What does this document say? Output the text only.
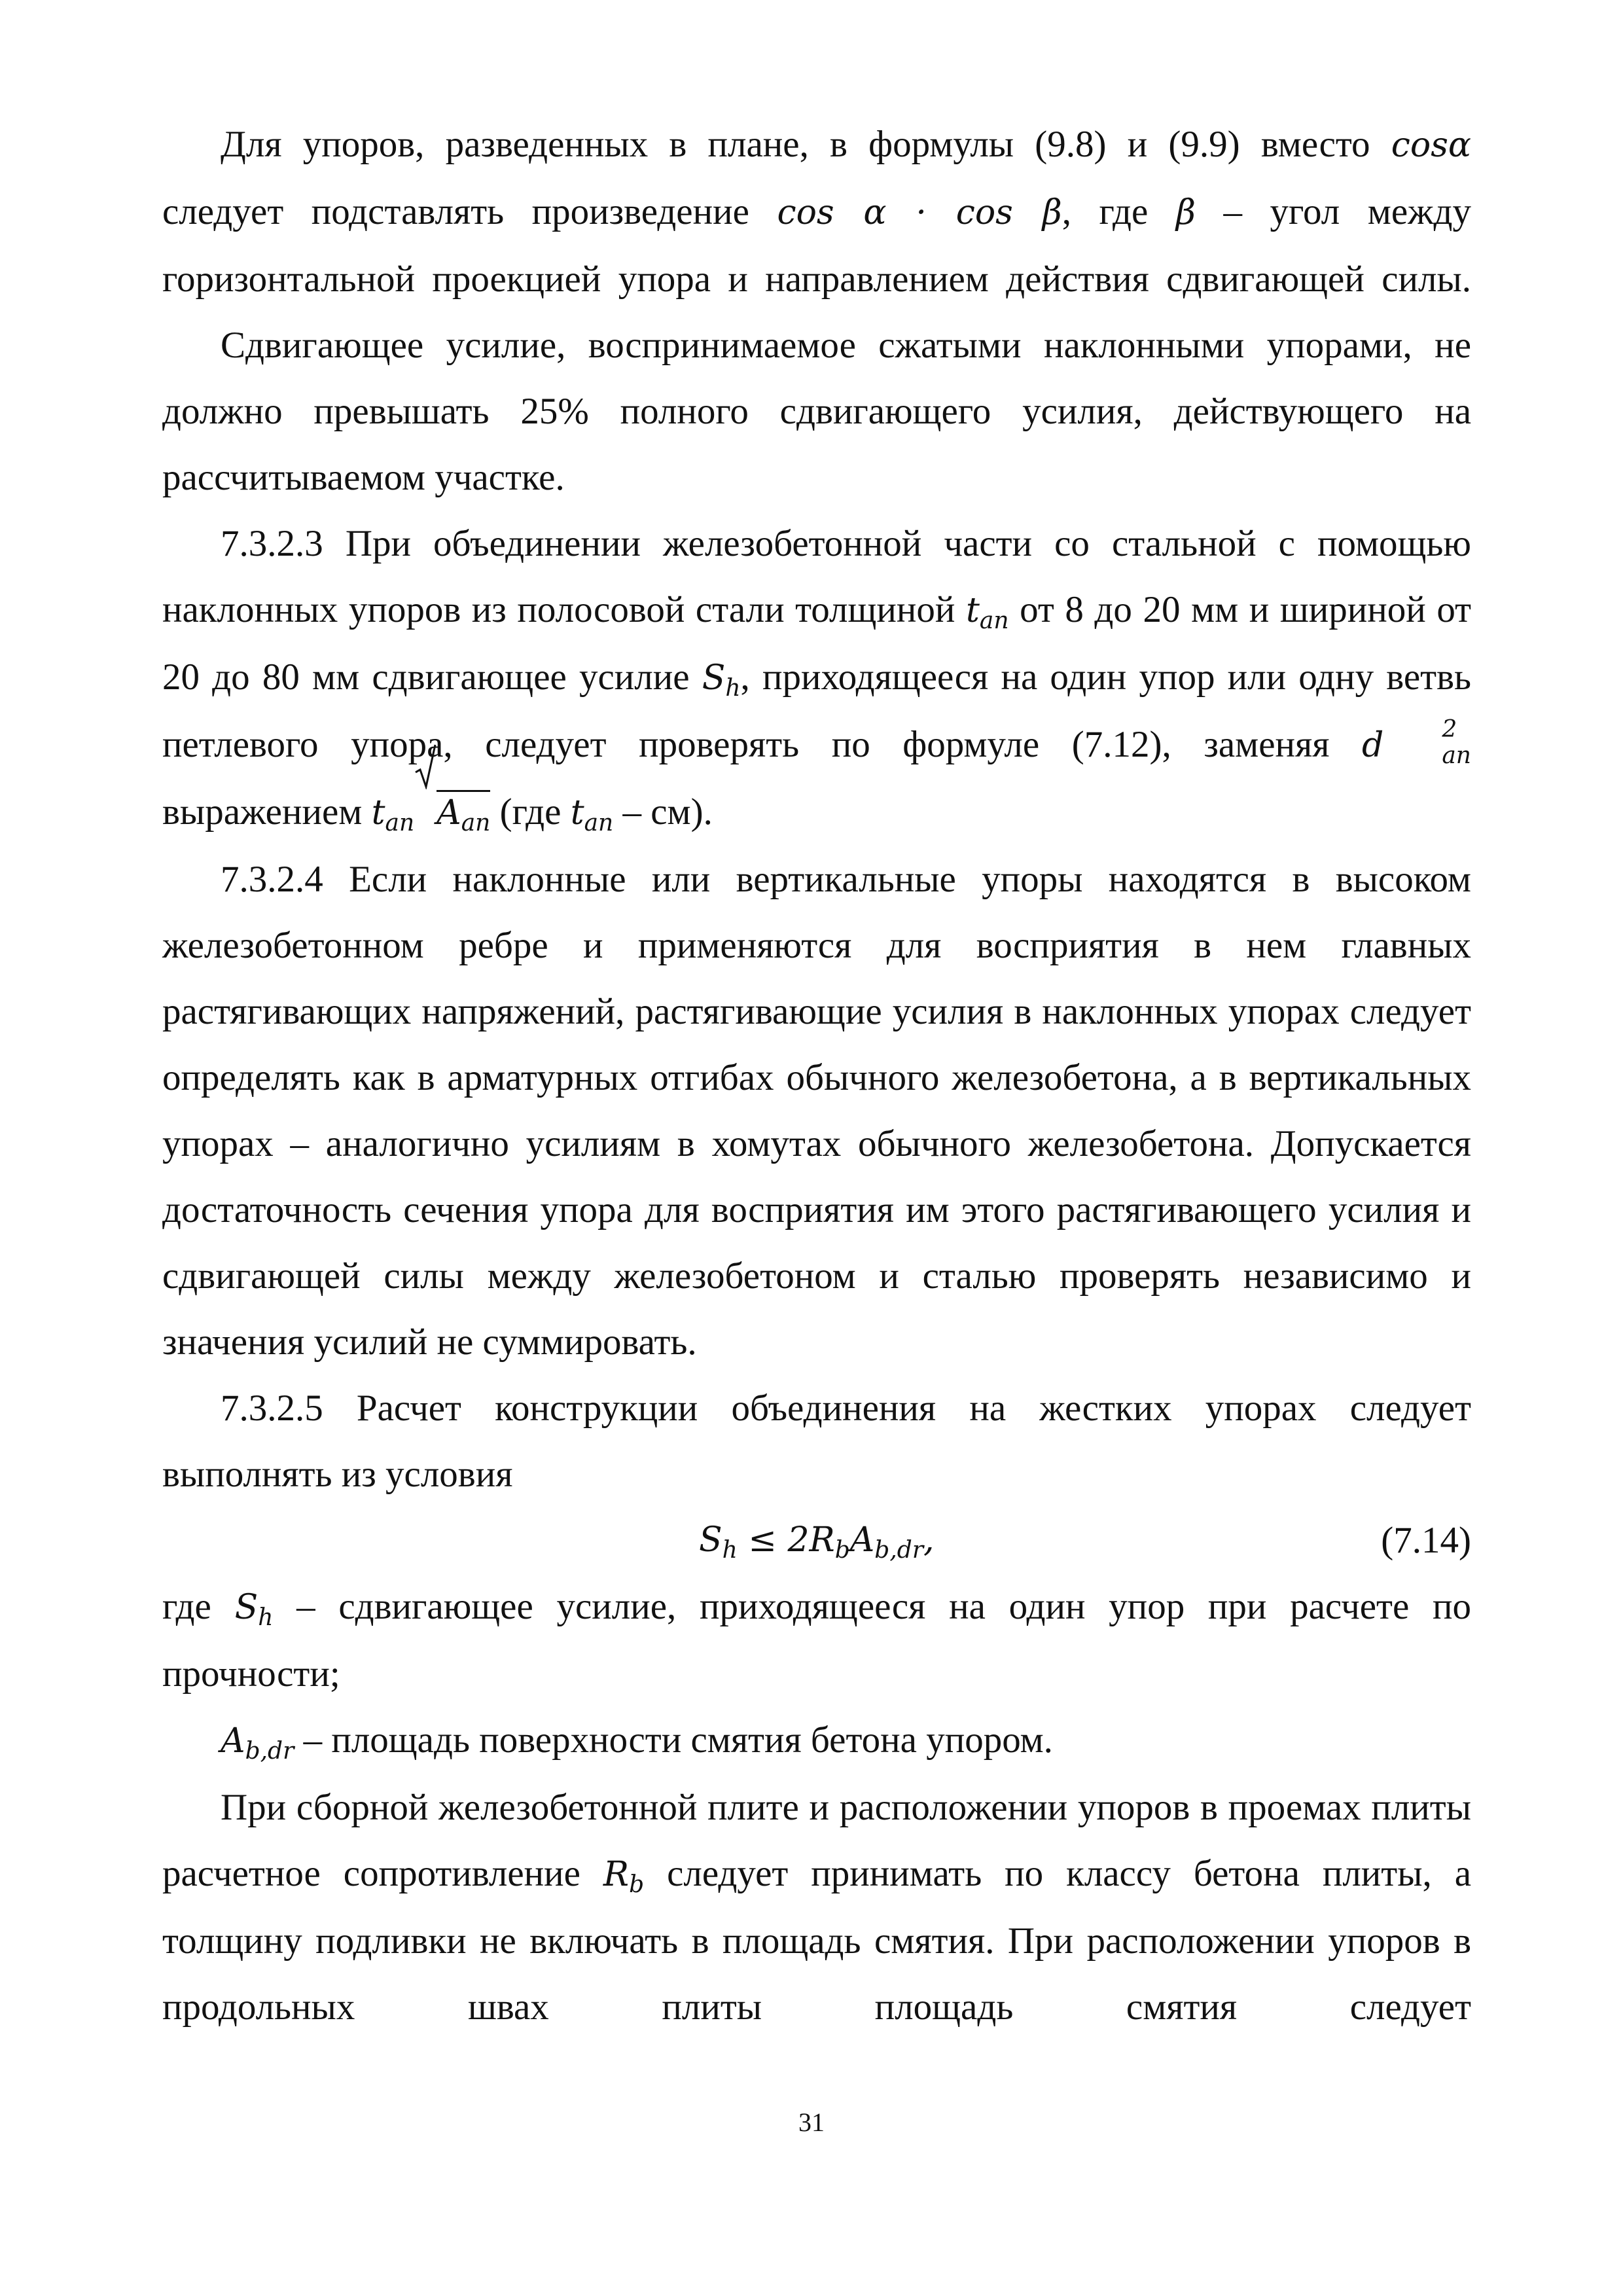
Для упоров, разведенных в плане, в формулы (9.8) и (9.9) вместо cosα следует подставлять произведение cos α · cos β, где β – угол между горизонтальной проекцией упора и направлением действия сдвигающей силы.

Сдвигающее усилие, воспринимаемое сжатыми наклонными упорами, не должно превышать 25% полного сдвигающего усилия, действующего на рассчитываемом участке.

7.3.2.3 При объединении железобетонной части со стальной с помощью наклонных упоров из полосовой стали толщиной $t_{an}$ от 8 до 20 мм и шириной от 20 до 80 мм сдвигающее усилие $S_h$, приходящееся на один упор или одну ветвь петлевого упора, следует проверять по формуле (7.12), заменяя d	2
$_{an}$

выражением $t_{an}$ $A_{an}$ (где $t_{an} - см$).

7.3.2.4 Если наклонные или вертикальные упоры находятся в высоком железобетонном ребре и применяются для восприятия в нем главных растягивающих напряжений, растягивающие усилия в наклонных упорах следует определять как в арматурных отгибах обычного железобетона, а в вертикальных упорах – аналогично усилиям в хомутах обычного железобетона. Допускается достаточность сечения упора для восприятия им этого растягивающего усилия и сдвигающей силы между железобетоном и сталью проверять независимо и значения усилий не суммировать.

7.3.2.5 Расчет конструкции объединения на жестких упорах следует выполнять из условия

$S_h \le 2R_bA_{b,dr}$,	(7.14)

где $S_h$ – сдвигающее усилие, приходящееся на один упор при расчете по прочности;

$A_{b,dr}$ – площадь поверхности смятия бетона упором.

При сборной железобетонной плите и расположении упоров в проемах плиты расчетное сопротивление $R_b$ следует принимать по классу бетона плиты, а толщину подливки не включать в площадь смятия. При расположении упоров в продольных швах плиты площадь смятия следует

31
